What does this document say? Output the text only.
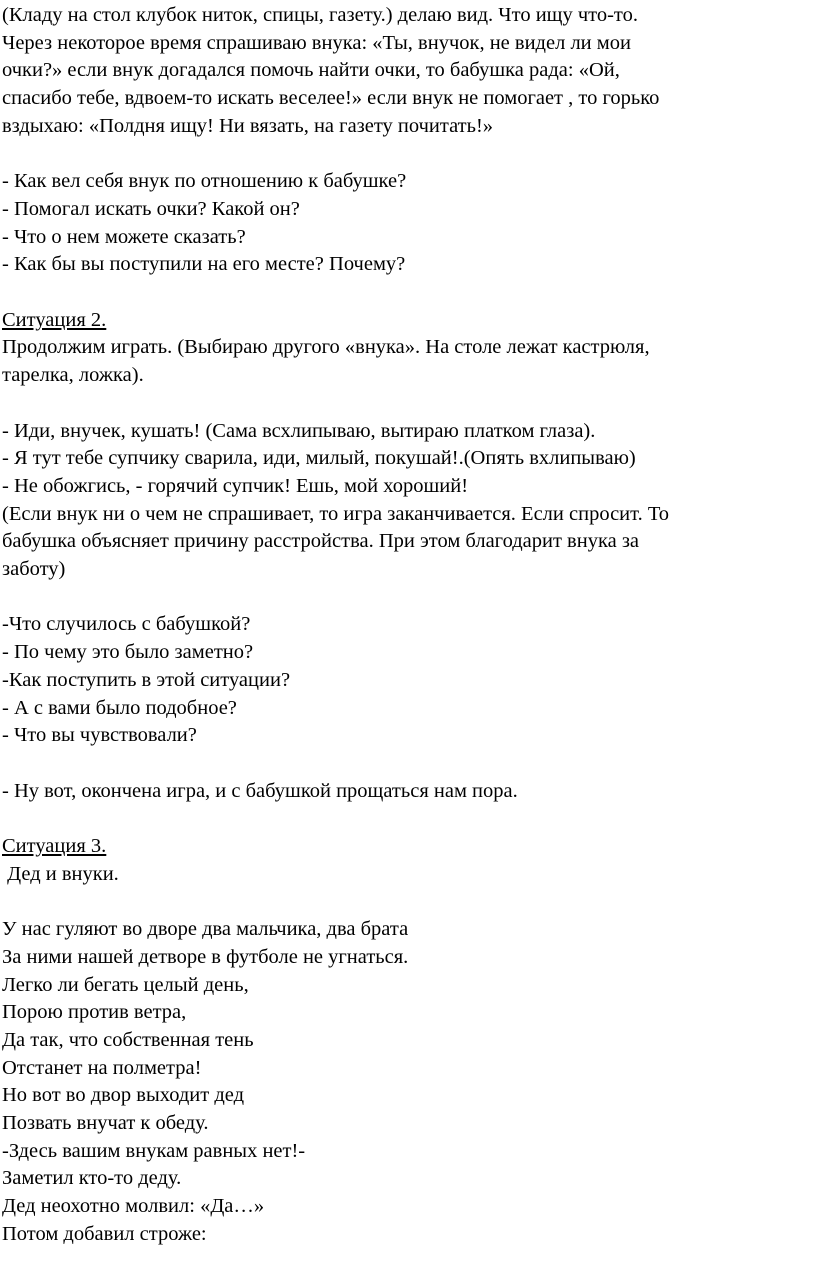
(Кладу на стол клубок ниток, спицы, газету.) делаю вид. Что ищу что-то.
Через некоторое время спрашиваю внука: «Ты, внучок, не видел ли мои
очки?» если внук догадался помочь найти очки, то бабушка рада: «Ой,
спасибо тебе, вдвоем-то искать веселее!» если внук не помогает , то горько
вздыхаю: «Полдня ищу! Ни вязать, на газету почитать!»
- Как вел себя внук по отношению к бабушке?
- Помогал искать очки? Какой он?
- Что о нем можете сказать?
- Как бы вы поступили на его месте? Почему?
Ситуация 2.
Продолжим играть. (Выбираю другого «внука». На столе лежат кастрюля,
тарелка, ложка).
- Иди, внучек, кушать! (Сама всхлипываю, вытираю платком глаза).
- Я тут тебе супчику сварила, иди, милый, покушай!.(Опять вхлипываю)
- Не обожгись, - горячий супчик! Ешь, мой хороший!
(Если внук ни о чем не спрашивает, то игра заканчивается. Если спросит. То
бабушка объясняет причину расстройства. При этом благодарит внука за
заботу)
-Что случилось с бабушкой?
- По чему это было заметно?
-Как поступить в этой ситуации?
- А с вами было подобное?
- Что вы чувствовали?
- Ну вот, окончена игра, и с бабушкой прощаться нам пора.
Ситуация 3.
Дед и внуки.
У нас гуляют во дворе два мальчика, два брата
За ними нашей детворе в футболе не угнаться.
Легко ли бегать целый день,
Порою против ветра,
Да так, что собственная тень
Отстанет на полметра!
Но вот во двор выходит дед
Позвать внучат к обеду.
-Здесь вашим внукам равных нет!-
Заметил кто-то деду.
Дед неохотно молвил: «Да…»
Потом добавил строже:
